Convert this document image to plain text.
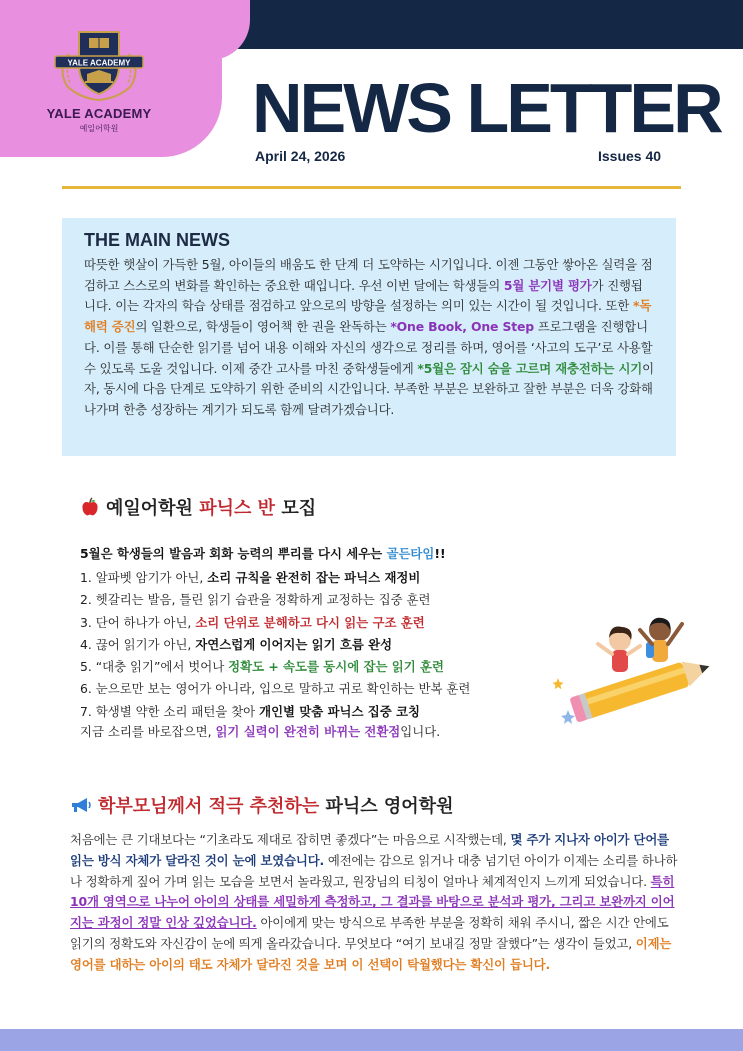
YALE ACADEMY
YALE ACADEMY
예일어학원	NEWS LETTER
April 24, 2026	Issues 40
THE MAIN NEWS
따뜻한 햇살이 가득한 5월, 아이들의 배움도 한 단계 더 도약하는 시기입니다. 이젠 그동안 쌓아온 실력을 점검하고 스스로의 변화를 확인하는 중요한 때입니다. 우선 이번 달에는 학생들의 5월 분기별 평가가 진행됩니다. 이는 각자의 학습 상태를 점검하고 앞으로의 방향을 설정하는 의미 있는 시간이 될 것입니다. 또한 *독해력 증진의 일환으로, 학생들이 영어책 한 권을 완독하는 *One Book, One Step 프로그램을 진행합니다. 이를 통해 단순한 읽기를 넘어 내용 이해와 자신의 생각으로 정리를 하며, 영어를 ‘사고의 도구’로 사용할 수 있도록 도울 것입니다. 이제 중간 고사를 마친 중학생들에게 *5월은 잠시 숨을 고르며 재충전하는 시기이자, 동시에 다음 단계로 도약하기 위한 준비의 시간입니다. 부족한 부분은 보완하고 잘한 부분은 더욱 강화해 나가며 한층 성장하는 계기가 되도록 함께 달려가겠습니다.
예일어학원 파닉스 반 모집
5월은 학생들의 발음과 회화 능력의 뿌리를 다시 세우는 골든타임!!
1. 알파벳 암기가 아닌, 소리 규칙을 완전히 잡는 파닉스 재정비
2. 헷갈리는 발음, 틀린 읽기 습관을 정확하게 교정하는 집중 훈련
3. 단어 하나가 아닌, 소리 단위로 분해하고 다시 읽는 구조 훈련
4. 끊어 읽기가 아닌, 자연스럽게 이어지는 읽기 흐름 완성
5. “대충 읽기”에서 벗어나 정확도 + 속도를 동시에 잡는 읽기 훈련
6. 눈으로만 보는 영어가 아니라, 입으로 말하고 귀로 확인하는 반복 훈련
7. 학생별 약한 소리 패턴을 찾아 개인별 맞춤 파닉스 집중 코칭
지금 소리를 바로잡으면, 읽기 실력이 완전히 바뀌는 전환점입니다.
학부모님께서 적극 추천하는 파닉스 영어학원
처음에는 큰 기대보다는 “기초라도 제대로 잡히면 좋겠다”는 마음으로 시작했는데, 몇 주가 지나자 아이가 단어를 읽는 방식 자체가 달라진 것이 눈에 보였습니다. 예전에는 감으로 읽거나 대충 넘기던 아이가 이제는 소리를 하나하나 정확하게 짚어 가며 읽는 모습을 보면서 놀라웠고, 원장님의 티칭이 얼마나 체계적인지 느끼게 되었습니다. 특히 10개 영역으로 나누어 아이의 상태를 세밀하게 측정하고, 그 결과를 바탕으로 분석과 평가, 그리고 보완까지 이어지는 과정이 정말 인상 깊었습니다. 아이에게 맞는 방식으로 부족한 부분을 정확히 채워 주시니, 짧은 시간 안에도 읽기의 정확도와 자신감이 눈에 띄게 올라갔습니다. 무엇보다 “여기 보내길 정말 잘했다”는 생각이 들었고, 이제는 영어를 대하는 아이의 태도 자체가 달라진 것을 보며 이 선택이 탁월했다는 확신이 듭니다.
